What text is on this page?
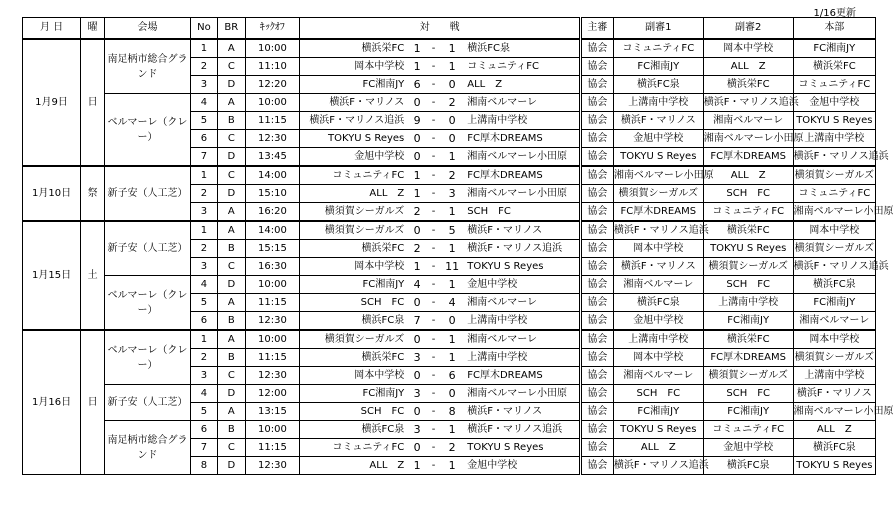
1/16更新
月 日	曜	会場	No	BR	ｷｯｸｵﾌ	対　　戦					主審	副審1	副審2	本部
1月9日	日	南足柄市総合グランド	1	A	10:00	横浜栄FC	1	-	1	横浜FC泉	協会	コミュニティFC	岡本中学校	FC湘南JY
			2	C	11:10	岡本中学校	1	-	1	コミュニティFC	協会	FC湘南JY	ALL　Z	横浜栄FC
			3	D	12:20	FC湘南JY	6	-	0	ALL　Z	協会	横浜FC泉	横浜栄FC	コミュニティFC
		ベルマーレ（クレー）	4	A	10:00	横浜F・マリノス	0	-	2	湘南ベルマーレ	協会	上溝南中学校	横浜F・マリノス追浜	金旭中学校
			5	B	11:15	横浜F・マリノス追浜	9	-	0	上溝南中学校	協会	横浜F・マリノス	湘南ベルマーレ	TOKYU S Reyes
			6	C	12:30	TOKYU S Reyes	0	-	0	FC厚木DREAMS	協会	金旭中学校	湘南ベルマーレ小田原	上溝南中学校
			7	D	13:45	金旭中学校	0	-	1	湘南ベルマーレ小田原	協会	TOKYU S Reyes	FC厚木DREAMS	横浜F・マリノス追浜
1月10日	祭	新子安（人工芝）	1	C	14:00	コミュニティFC	1	-	2	FC厚木DREAMS	協会	湘南ベルマーレ小田原	ALL　Z	横須賀シーガルズ
			2	D	15:10	ALL　Z	1	-	3	湘南ベルマーレ小田原	協会	横須賀シーガルズ	SCH　FC	コミュニティFC
			3	A	16:20	横須賀シーガルズ	2	-	1	SCH　FC	協会	FC厚木DREAMS	コミュニティFC	湘南ベルマーレ小田原
1月15日	土	新子安（人工芝）	1	A	14:00	横須賀シーガルズ	0	-	5	横浜F・マリノス	協会	横浜F・マリノス追浜	横浜栄FC	岡本中学校
			2	B	15:15	横浜栄FC	2	-	1	横浜F・マリノス追浜	協会	岡本中学校	TOKYU S Reyes	横須賀シーガルズ
			3	C	16:30	岡本中学校	1	-	11	TOKYU S Reyes	協会	横浜F・マリノス	横須賀シーガルズ	横浜F・マリノス追浜
		ベルマーレ（クレー）	4	D	10:00	FC湘南JY	4	-	1	金旭中学校	協会	湘南ベルマーレ	SCH　FC	横浜FC泉
			5	A	11:15	SCH　FC	0	-	4	湘南ベルマーレ	協会	横浜FC泉	上溝南中学校	FC湘南JY
			6	B	12:30	横浜FC泉	7	-	0	上溝南中学校	協会	金旭中学校	FC湘南JY	湘南ベルマーレ
1月16日	日	ベルマーレ（クレー）	1	A	10:00	横須賀シーガルズ	0	-	1	湘南ベルマーレ	協会	上溝南中学校	横浜栄FC	岡本中学校
			2	B	11:15	横浜栄FC	3	-	1	上溝南中学校	協会	岡本中学校	FC厚木DREAMS	横須賀シーガルズ
			3	C	12:30	岡本中学校	0	-	6	FC厚木DREAMS	協会	湘南ベルマーレ	横須賀シーガルズ	上溝南中学校
		新子安（人工芝）	4	D	12:00	FC湘南JY	3	-	0	湘南ベルマーレ小田原	協会	SCH　FC	SCH　FC	横浜F・マリノス
			5	A	13:15	SCH　FC	0	-	8	横浜F・マリノス	協会	FC湘南JY	FC湘南JY	湘南ベルマーレ小田原
		南足柄市総合グランド	6	B	10:00	横浜FC泉	3	-	1	横浜F・マリノス追浜	協会	TOKYU S Reyes	コミュニティFC	ALL　Z
			7	C	11:15	コミュニティFC	0	-	2	TOKYU S Reyes	協会	ALL　Z	金旭中学校	横浜FC泉
			8	D	12:30	ALL　Z	1	-	1	金旭中学校	協会	横浜F・マリノス追浜	横浜FC泉	TOKYU S Reyes
